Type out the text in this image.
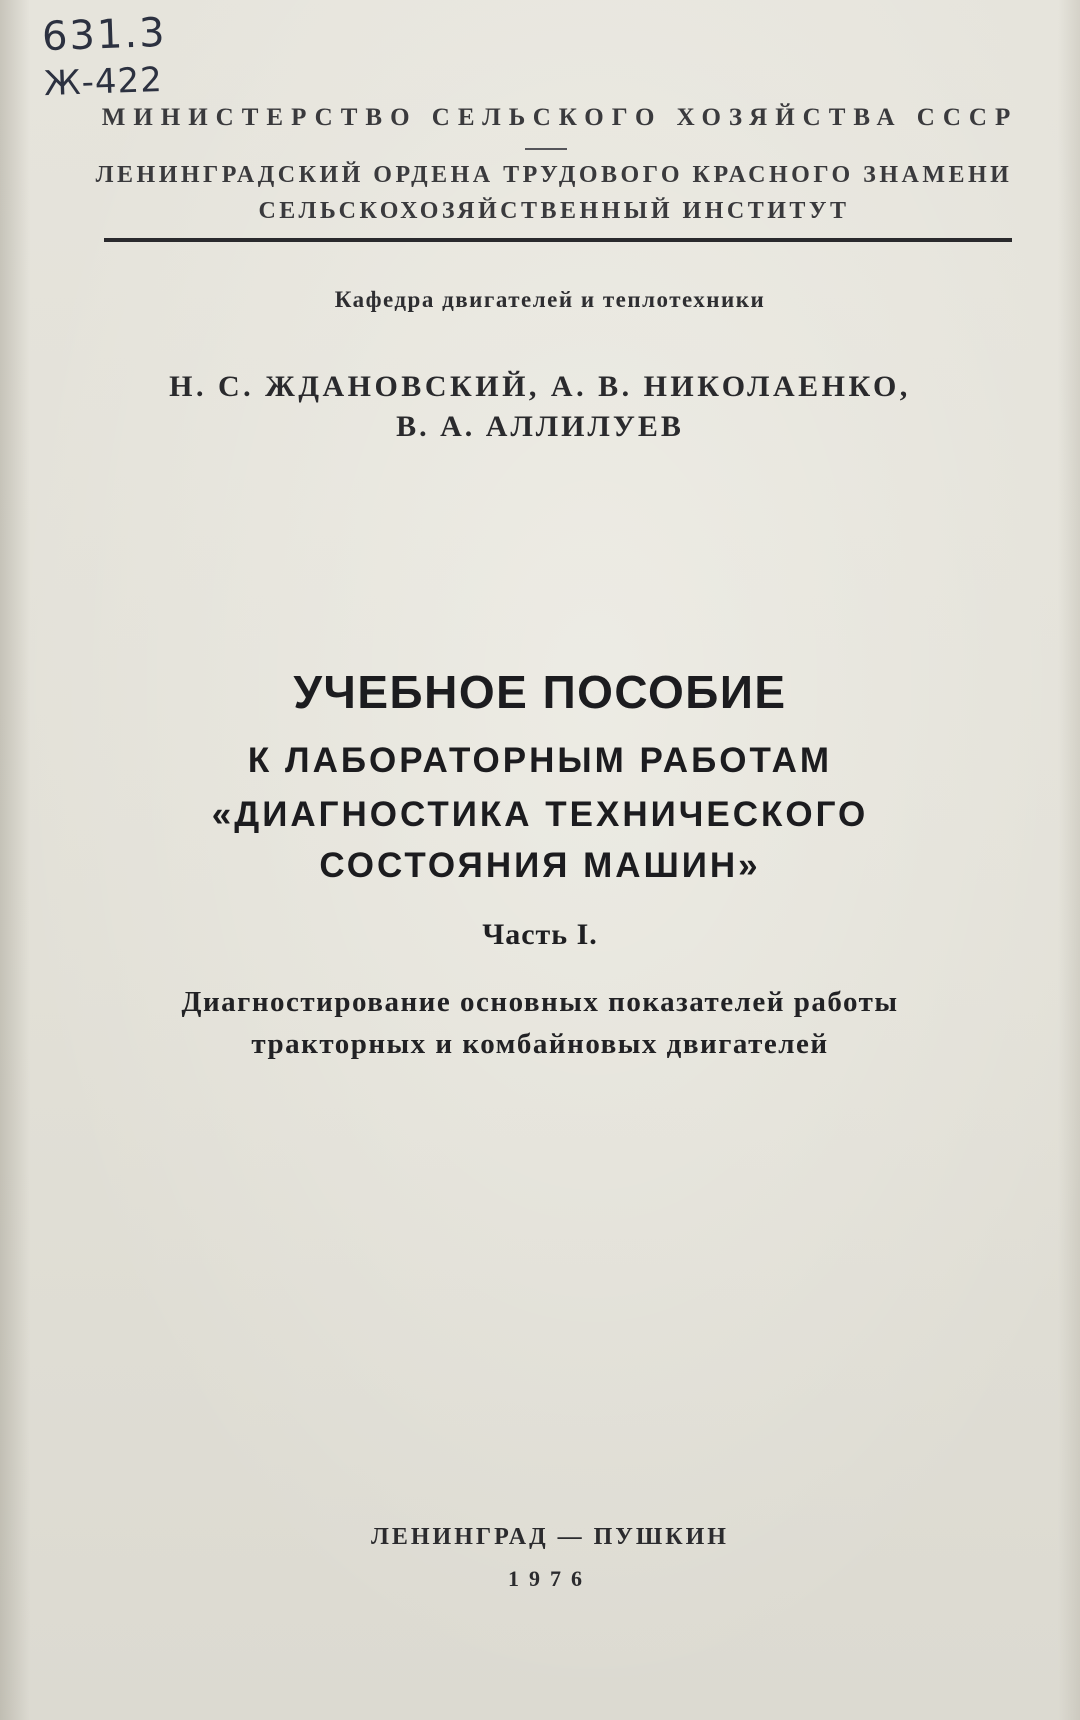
631.3
Ж-422
МИНИСТЕРСТВО СЕЛЬСКОГО ХОЗЯЙСТВА СССР
ЛЕНИНГРАДСКИЙ ОРДЕНА ТРУДОВОГО КРАСНОГО ЗНАМЕНИ
СЕЛЬСКОХОЗЯЙСТВЕННЫЙ ИНСТИТУТ
Кафедра двигателей и теплотехники
Н. С. ЖДАНОВСКИЙ, А. В. НИКОЛАЕНКО,
В. А. АЛЛИЛУЕВ
УЧЕБНОЕ ПОСОБИЕ
К ЛАБОРАТОРНЫМ РАБОТАМ
«ДИАГНОСТИКА ТЕХНИЧЕСКОГО
СОСТОЯНИЯ МАШИН»
Часть I.
Диагностирование основных показателей работы
тракторных и комбайновых двигателей
ЛЕНИНГРАД — ПУШКИН
1976
